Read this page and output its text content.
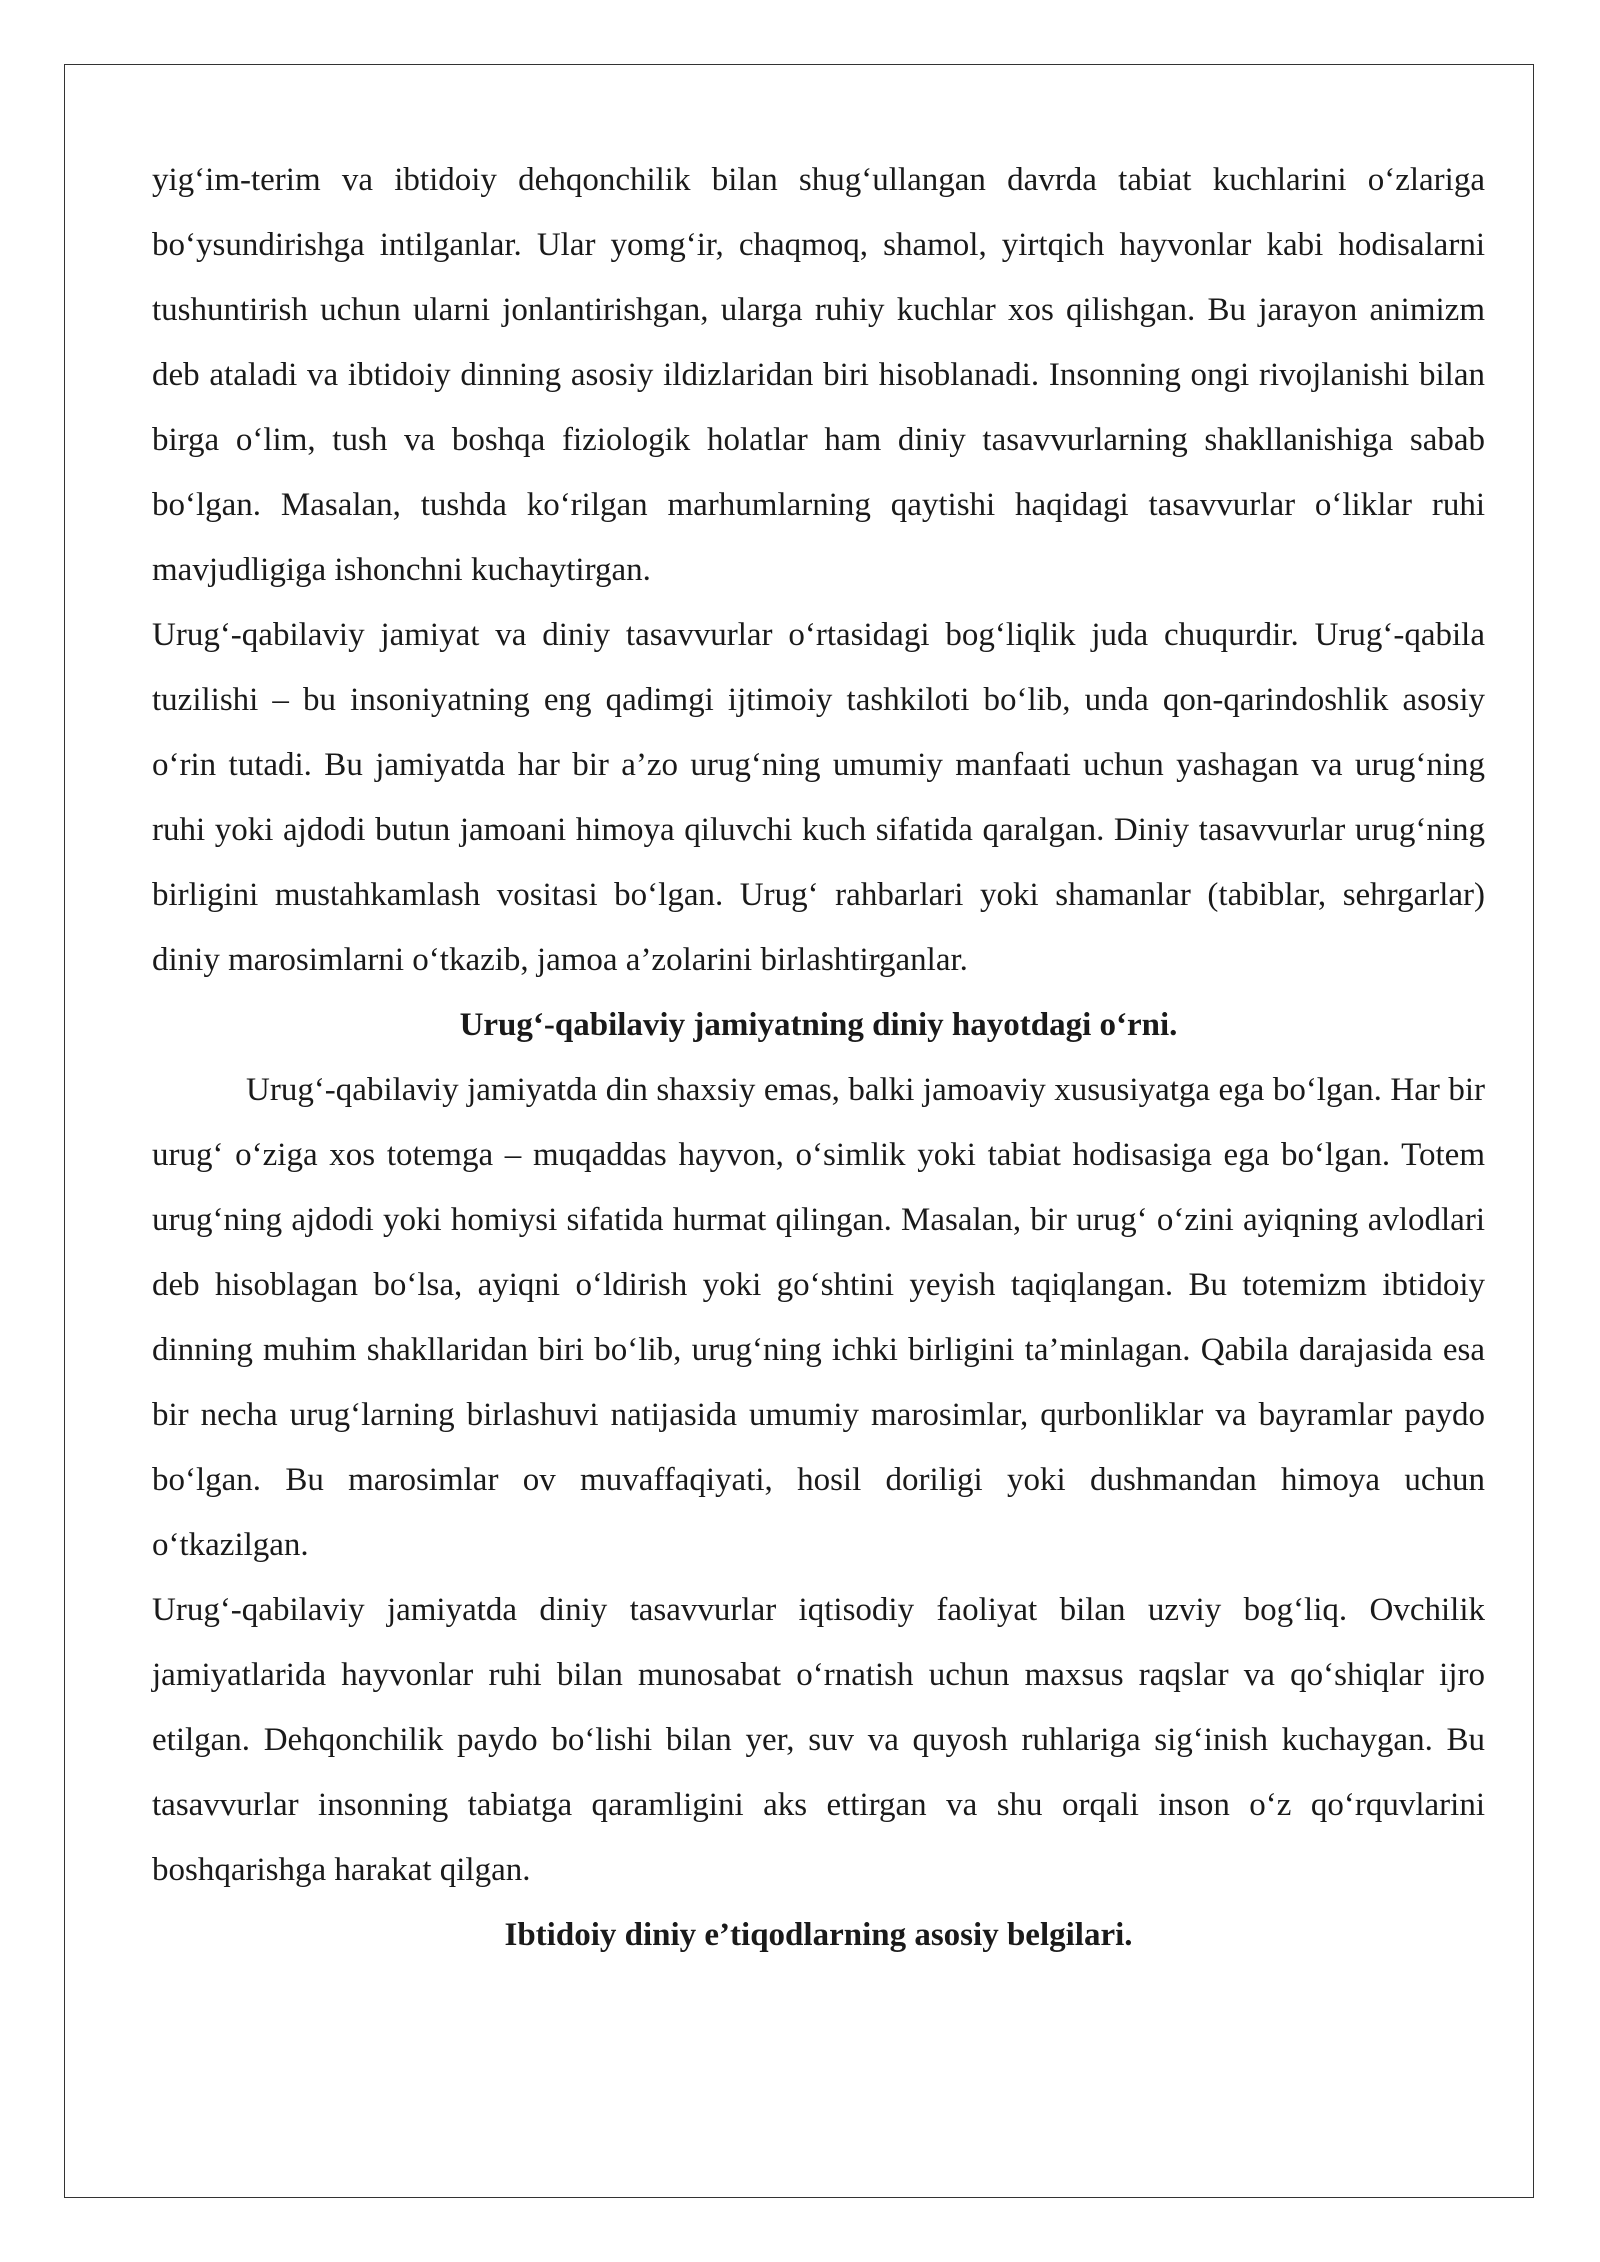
yig‘im-terim va ibtidoiy dehqonchilik bilan shug‘ullangan davrda tabiat kuchlarini o‘zlariga bo‘ysundirishga intilganlar. Ular yomg‘ir, chaqmoq, shamol, yirtqich hayvonlar kabi hodisalarni tushuntirish uchun ularni jonlantirishgan, ularga ruhiy kuchlar xos qilishgan. Bu jarayon animizm deb ataladi va ibtidoiy dinning asosiy ildizlaridan biri hisoblanadi. Insonning ongi rivojlanishi bilan birga o‘lim, tush va boshqa fiziologik holatlar ham diniy tasavvurlarning shakllanishiga sabab bo‘lgan. Masalan, tushda ko‘rilgan marhumlarning qaytishi haqidagi tasavvurlar o‘liklar ruhi mavjudligiga ishonchni kuchaytirgan.

Urug‘-qabilaviy jamiyat va diniy tasavvurlar o‘rtasidagi bog‘liqlik juda chuqurdir. Urug‘-qabila tuzilishi – bu insoniyatning eng qadimgi ijtimoiy tashkiloti bo‘lib, unda qon-qarindoshlik asosiy o‘rin tutadi. Bu jamiyatda har bir a’zo urug‘ning umumiy manfaati uchun yashagan va urug‘ning ruhi yoki ajdodi butun jamoani himoya qiluvchi kuch sifatida qaralgan. Diniy tasavvurlar urug‘ning birligini mustahkamlash vositasi bo‘lgan. Urug‘ rahbarlari yoki shamanlar (tabiblar, sehrgarlar) diniy marosimlarni o‘tkazib, jamoa a’zolarini birlashtirganlar.

Urug‘-qabilaviy jamiyatning diniy hayotdagi o‘rni.

Urug‘-qabilaviy jamiyatda din shaxsiy emas, balki jamoaviy xususiyatga ega bo‘lgan. Har bir urug‘ o‘ziga xos totemga – muqaddas hayvon, o‘simlik yoki tabiat hodisasiga ega bo‘lgan. Totem urug‘ning ajdodi yoki homiysi sifatida hurmat qilingan. Masalan, bir urug‘ o‘zini ayiqning avlodlari deb hisoblagan bo‘lsa, ayiqni o‘ldirish yoki go‘shtini yeyish taqiqlangan. Bu totemizm ibtidoiy dinning muhim shakllaridan biri bo‘lib, urug‘ning ichki birligini ta’minlagan. Qabila darajasida esa bir necha urug‘larning birlashuvi natijasida umumiy marosimlar, qurbonliklar va bayramlar paydo bo‘lgan. Bu marosimlar ov muvaffaqiyati, hosil doriligi yoki dushmandan himoya uchun o‘tkazilgan.

Urug‘-qabilaviy jamiyatda diniy tasavvurlar iqtisodiy faoliyat bilan uzviy bog‘liq. Ovchilik jamiyatlarida hayvonlar ruhi bilan munosabat o‘rnatish uchun maxsus raqslar va qo‘shiqlar ijro etilgan. Dehqonchilik paydo bo‘lishi bilan yer, suv va quyosh ruhlariga sig‘inish kuchaygan. Bu tasavvurlar insonning tabiatga qaramligini aks ettirgan va shu orqali inson o‘z qo‘rquvlarini boshqarishga harakat qilgan.

Ibtidoiy diniy e’tiqodlarning asosiy belgilari.
